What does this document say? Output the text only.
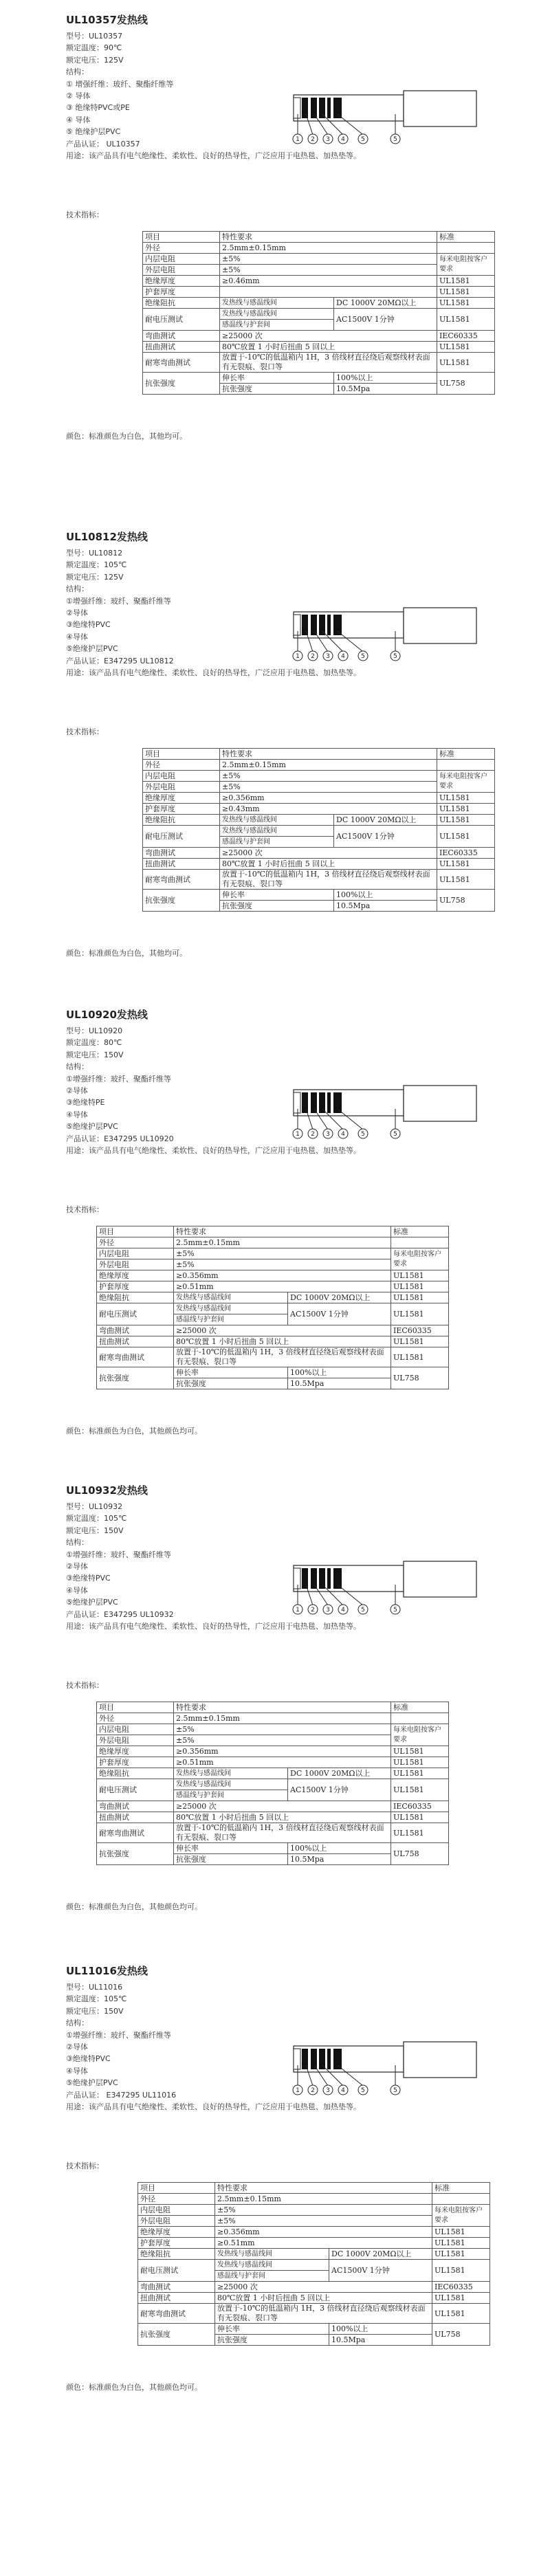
UL10357发热线
型号：UL10357
额定温度：90℃
额定电压：125V
结构：
① 增强纤维：玻纤、聚酯纤维等
② 导体
③ 绝缘特PVC或PE
④ 导体
⑤ 绝缘护层PVC
产品认证： UL10357
用途：该产品具有电气绝缘性、柔软性、良好的热导性，广泛应用于电热毯、加热垫等。
1 2 3 4	5	5
技术指标：
项目	特性要求		标准
外径	2.5mm±0.15mm		
内层电阻	±5%		每米电阻按客户要求
外层电阻	±5%		
绝缘厚度	≥0.46mm		UL1581
护套厚度			UL1581
绝缘阻抗	发热线与感温线间	DC 1000V 20MΩ以上	UL1581
耐电压测试	发热线与感温线间	AC1500V 1分钟	UL1581
	感温线与护套间		
弯曲测试	≥25000 次		IEC60335
扭曲测试	80℃放置 1 小时后扭曲 5 回以上		UL1581
耐寒弯曲测试	放置于-10℃的低温箱内 1H，3 倍线材直径绕后观察线材表面有无裂痕、裂口等		UL1581
抗张强度	伸长率	100%以上	UL758
	抗张强度	10.5Mpa	
颜色：标准颜色为白色，其他均可。
UL10812发热线
型号：UL10812
额定温度：105℃
额定电压：125V
结构：
①增强纤维：玻纤、聚酯纤维等
②导体
③绝缘特PVC
④导体
⑤绝缘护层PVC
产品认证：E347295 UL10812
用途：该产品具有电气绝缘性、柔软性、良好的热导性，广泛应用于电热毯、加热垫等。
1 2 3 4	5	5
技术指标：
项目	特性要求		标准
外径	2.5mm±0.15mm		
内层电阻	±5%		每米电阻按客户要求
外层电阻	±5%		
绝缘厚度	≥0.356mm		UL1581
护套厚度	≥0.43mm		UL1581
绝缘阻抗	发热线与感温线间	DC 1000V 20MΩ以上	UL1581
耐电压测试	发热线与感温线间	AC1500V 1分钟	UL1581
	感温线与护套间		
弯曲测试	≥25000 次		IEC60335
扭曲测试	80℃放置 1 小时后扭曲 5 回以上		UL1581
耐寒弯曲测试	放置于-10℃的低温箱内 1H，3 倍线材直径绕后观察线材表面有无裂痕、裂口等		UL1581
抗张强度	伸长率	100%以上	UL758
	抗张强度	10.5Mpa	
颜色：标准颜色为白色，其他均可。
UL10920发热线
型号：UL10920
额定温度：80℃
额定电压：150V
结构：
①增强纤维：玻纤、聚酯纤维等
②导体
③绝缘特PE
④导体
⑤绝缘护层PVC
产品认证：E347295 UL10920
用途：该产品具有电气绝缘性、柔软性、良好的热导性，广泛应用于电热毯、加热垫等。
1 2 3 4	5	5
技术指标：
项目	特性要求		标准
外径	2.5mm±0.15mm		
内层电阻	±5%		每米电阻按客户要求
外层电阻	±5%		
绝缘厚度	≥0.356mm		UL1581
护套厚度	≥0.51mm		UL1581
绝缘阻抗	发热线与感温线间	DC 1000V 20MΩ以上	UL1581
耐电压测试	发热线与感温线间	AC1500V 1分钟	UL1581
	感温线与护套间		
弯曲测试	≥25000 次		IEC60335
扭曲测试	80℃放置 1 小时后扭曲 5 回以上		UL1581
耐寒弯曲测试	放置于-10℃的低温箱内 1H，3 倍线材直径绕后观察线材表面有无裂痕、裂口等		UL1581
抗张强度	伸长率	100%以上	UL758
	抗张强度	10.5Mpa	
颜色：标准颜色为白色，其他颜色均可。
UL10932发热线
型号：UL10932
额定温度：105℃
额定电压：150V
结构：
①增强纤维：玻纤、聚酯纤维等
②导体
③绝缘特PVC
④导体
⑤绝缘护层PVC
产品认证：E347295 UL10932
用途：该产品具有电气绝缘性、柔软性、良好的热导性，广泛应用于电热毯、加热垫等。
1 2 3 4	5	5
技术指标：
项目	特性要求		标准
外径	2.5mm±0.15mm		
内层电阻	±5%		每米电阻按客户要求
外层电阻	±5%		
绝缘厚度	≥0.356mm		UL1581
护套厚度	≥0.51mm		UL1581
绝缘阻抗	发热线与感温线间	DC 1000V 20MΩ以上	UL1581
耐电压测试	发热线与感温线间	AC1500V 1分钟	UL1581
	感温线与护套间		
弯曲测试	≥25000 次		IEC60335
扭曲测试	80℃放置 1 小时后扭曲 5 回以上		UL1581
耐寒弯曲测试	放置于-10℃的低温箱内 1H，3 倍线材直径绕后观察线材表面有无裂痕、裂口等		UL1581
抗张强度	伸长率	100%以上	UL758
	抗张强度	10.5Mpa	
颜色：标准颜色为白色，其他颜色均可。
UL11016发热线
型号：UL11016
额定温度：105℃
额定电压：150V
结构：
①增强纤维：玻纤、聚酯纤维等
②导体
③绝缘特PVC
④导体
⑤绝缘护层PVC
产品认证： E347295 UL11016
用途：该产品具有电气绝缘性、柔软性、良好的热导性，广泛应用于电热毯、加热垫等。
1 2 3 4	5	5
技术指标：
项目	特性要求		标准
外径	2.5mm±0.15mm		
内层电阻	±5%		每米电阻按客户要求
外层电阻	±5%		
绝缘厚度	≥0.356mm		UL1581
护套厚度	≥0.51mm		UL1581
绝缘阻抗	发热线与感温线间	DC 1000V 20MΩ以上	UL1581
耐电压测试	发热线与感温线间	AC1500V 1分钟	UL1581
	感温线与护套间		
弯曲测试	≥25000 次		IEC60335
扭曲测试	80℃放置 1 小时后扭曲 5 回以上		UL1581
耐寒弯曲测试	放置于-10℃的低温箱内 1H，3 倍线材直径绕后观察线材表面有无裂痕、裂口等		UL1581
抗张强度	伸长率	100%以上	UL758
	抗张强度	10.5Mpa	
颜色：标准颜色为白色，其他颜色均可。
